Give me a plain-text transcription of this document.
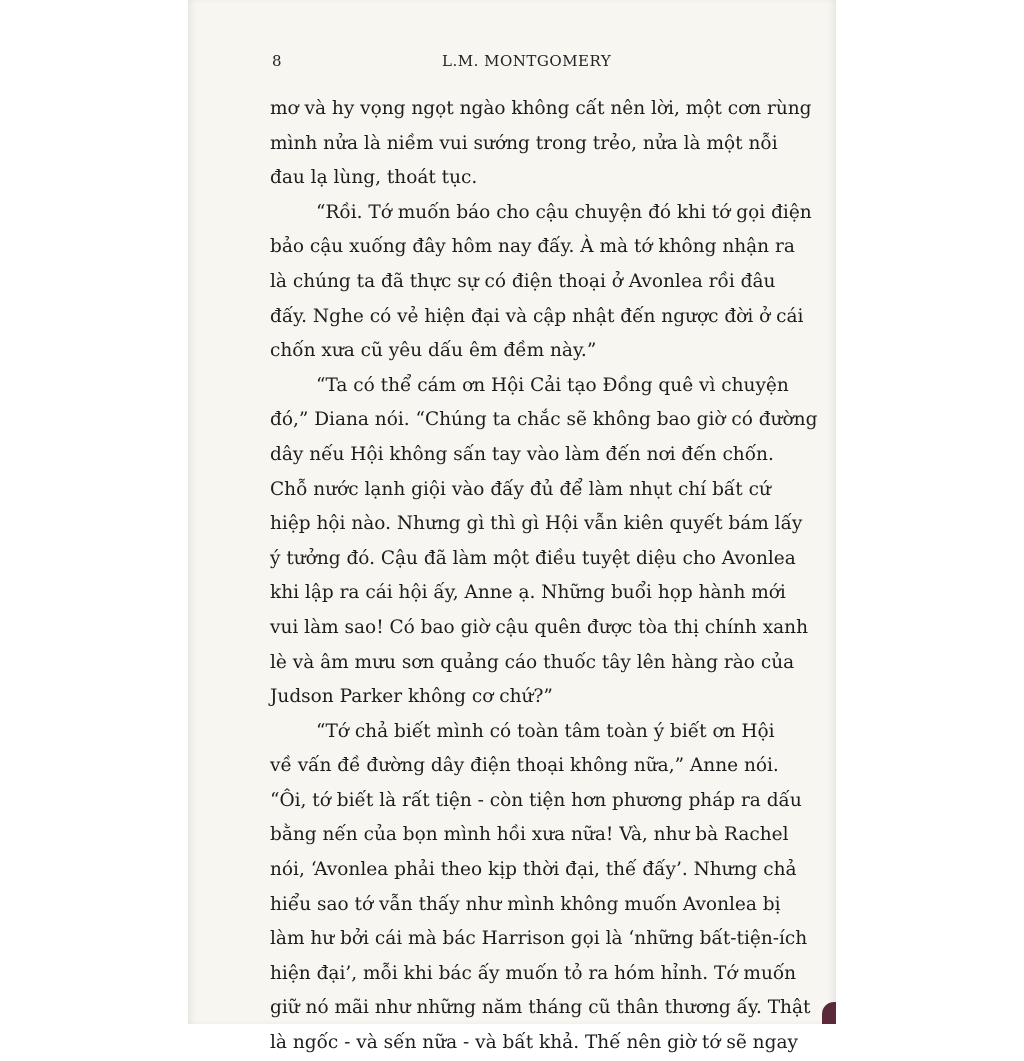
8	L.M. MONTGOMERY
mơ và hy vọng ngọt ngào không cất nên lời, một cơn rùng
mình nửa là niềm vui sướng trong trẻo, nửa là một nỗi
đau lạ lùng, thoát tục.
“Rồi. Tớ muốn báo cho cậu chuyện đó khi tớ gọi điện
bảo cậu xuống đây hôm nay đấy. À mà tớ không nhận ra
là chúng ta đã thực sự có điện thoại ở Avonlea rồi đâu
đấy. Nghe có vẻ hiện đại và cập nhật đến ngược đời ở cái
chốn xưa cũ yêu dấu êm đềm này.”
“Ta có thể cám ơn Hội Cải tạo Đồng quê vì chuyện
đó,” Diana nói. “Chúng ta chắc sẽ không bao giờ có đường
dây nếu Hội không sấn tay vào làm đến nơi đến chốn.
Chỗ nước lạnh giội vào đấy đủ để làm nhụt chí bất cứ
hiệp hội nào. Nhưng gì thì gì Hội vẫn kiên quyết bám lấy
ý tưởng đó. Cậu đã làm một điều tuyệt diệu cho Avonlea
khi lập ra cái hội ấy, Anne ạ. Những buổi họp hành mới
vui làm sao! Có bao giờ cậu quên được tòa thị chính xanh
lè và âm mưu sơn quảng cáo thuốc tây lên hàng rào của
Judson Parker không cơ chứ?”
“Tớ chả biết mình có toàn tâm toàn ý biết ơn Hội
về vấn đề đường dây điện thoại không nữa,” Anne nói.
“Ôi, tớ biết là rất tiện - còn tiện hơn phương pháp ra dấu
bằng nến của bọn mình hồi xưa nữa! Và, như bà Rachel
nói, ‘Avonlea phải theo kịp thời đại, thế đấy’. Nhưng chả
hiểu sao tớ vẫn thấy như mình không muốn Avonlea bị
làm hư bởi cái mà bác Harrison gọi là ‘những bất-tiện-ích
hiện đại’, mỗi khi bác ấy muốn tỏ ra hóm hỉnh. Tớ muốn
giữ nó mãi như những năm tháng cũ thân thương ấy. Thật
là ngốc - và sến nữa - và bất khả. Thế nên giờ tớ sẽ ngay
